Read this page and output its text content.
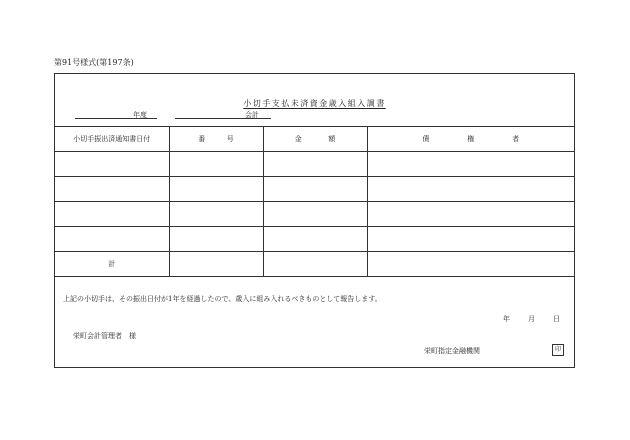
第91号様式(第197条)
小切手支払未済資金歳入組入調書
年度	会計
小切手振出済通知書日付	番 号	金 額	債 権 者

計			
上記の小切手は、その振出日付が1年を経過したので、歳入に組み入れるべきものとして報告します。
年	月	日
栄町会計管理者　様
栄町指定金融機関	印
